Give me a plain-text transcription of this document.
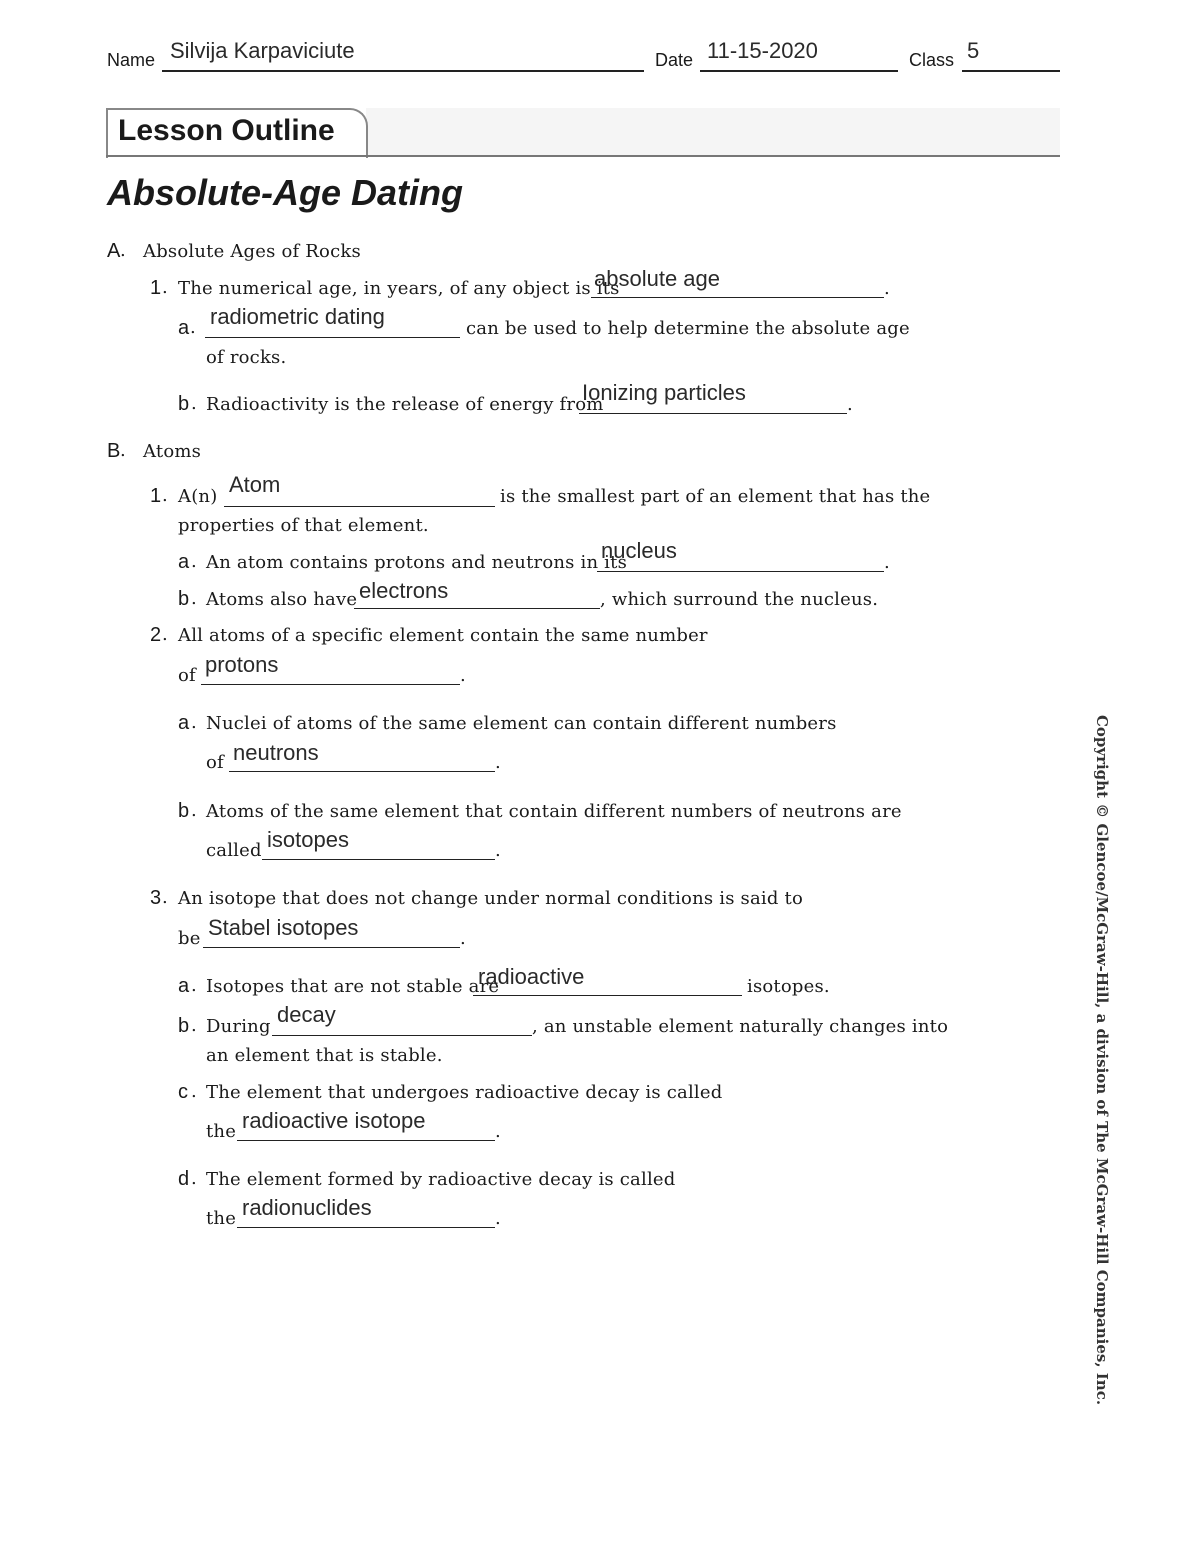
Name Silvija Karpaviciute	Date 11-15-2020	Class 5
Lesson Outline
Absolute-Age Dating
A . Absolute Ages of Rocks
1 . The numerical age, in years, of any object is its
absolute age	.
a . radiometric dating	can be used to help determine the absolute age
of rocks.
b . Radioactivity is the release of energy from
Ionizing particles	.
B . Atoms
1 . A(n) Atom	is the smallest part of an element that has the
properties of that element.
a . An atom contains protons and neutrons in its
nucleus	.
b . Atoms also have electrons	, which surround the nucleus.
2 . All atoms of a specific element contain the same number
of protons	.
a . Nuclei of atoms of the same element can contain different numbers
of neutrons	.
b . Atoms of the same element that contain different numbers of neutrons are
called isotopes	.
3 . An isotope that does not change under normal conditions is said to
be Stabel isotopes	.
a . Isotopes that are not stable are
radioactive	isotopes.
b . During decay	, an unstable element naturally changes into
an element that is stable.
c . The element that undergoes radioactive decay is called
the radioactive isotope	.
d . The element formed by radioactive decay is called
the radionuclides	.	Copyright © Glencoe/McGraw-Hill, a division of The McGraw-Hill Companies, Inc.
